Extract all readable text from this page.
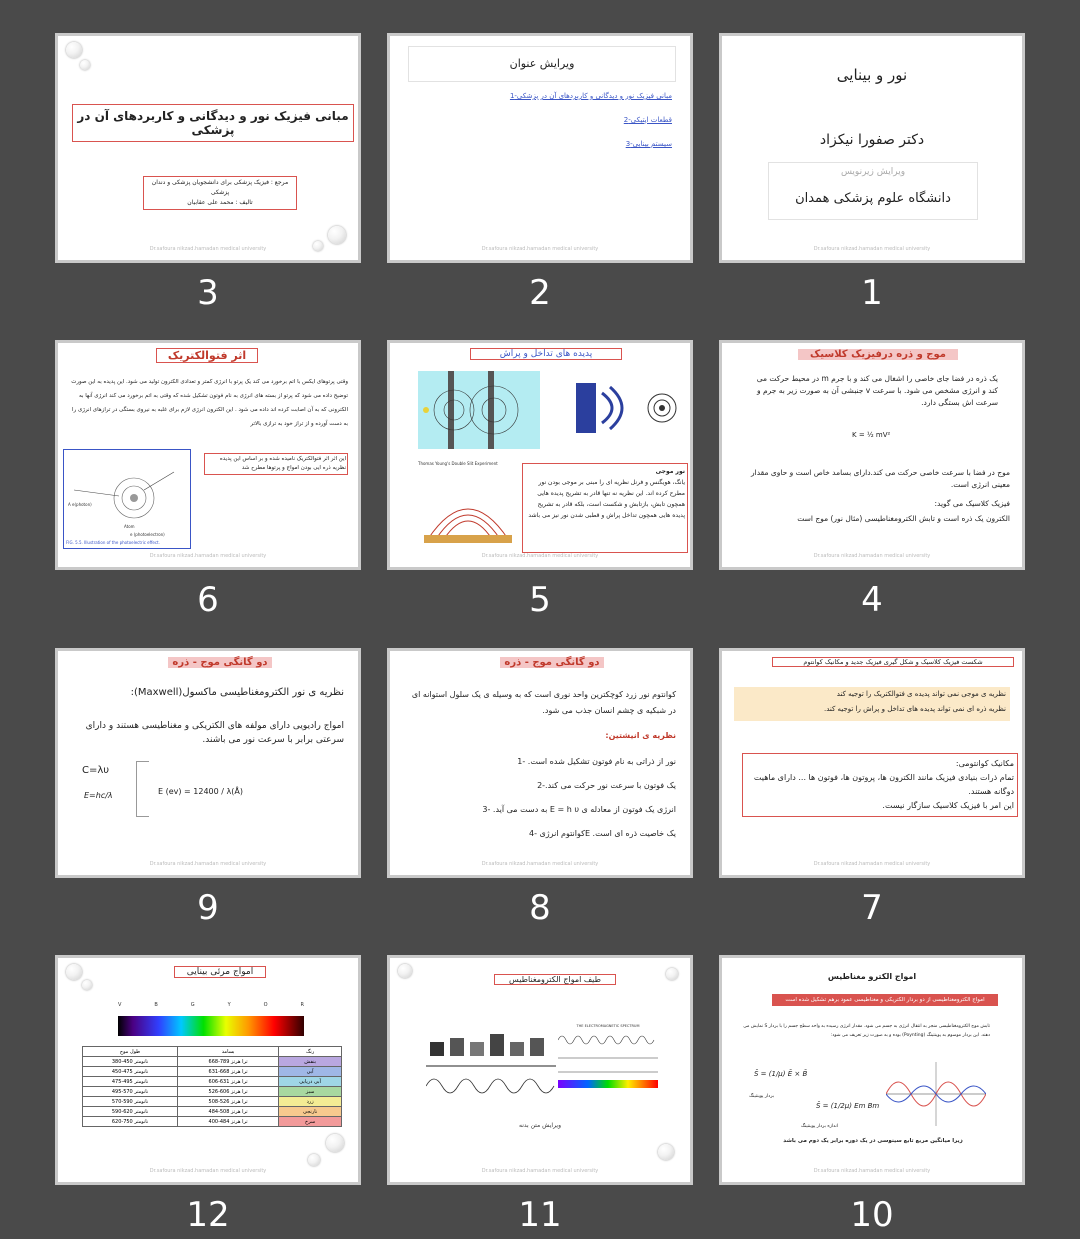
مبانی فیزیک نور و دیدگانی و کاربردهای آن در پزشکی
مرجع : فیزیک پزشکی برای دانشجویان پزشکی و دندان پزشکی
تالیف : محمد علی عقابیان
Dr.safoura nikzad.hamadan medical university
3
ویرایش عنوان
مبانی فیزیک نور و دیدگانی و کاربردهای آن در پزشکی-1
قطعات اپتیکی-2
سیستم بینایی-3
Dr.safoura nikzad.hamadan medical university
2
نور و بینایی
دکتر صفورا نیکزاد
ویرایش زیرنویس
دانشگاه علوم پزشکی همدان
Dr.safoura nikzad.hamadan medical university
1
اثر فتوالکتریک
وقتی پرتوهای ایکس با اتم برخورد می کند یک پرتو با انرژی کمتر و تعدادی الکترون تولید می شود. این پدیده به این صورت توضیح داده می شود که پرتو از بسته های انرژی به نام فوتون تشکیل شده که وقتی به اتم برخورد می کند انرژی آنها به الکترونی که به آن اصابت کرده اند داده می شود . این الکترون انرژی لازم برای غلبه به نیروی بستگی در ترازهای انرژی را به دست آورده و از تراز خود به ترازی بالاتر
A e(photon)
Atom
e (photoelectron)
FIG. 5.5. Illustration of the photoelectric effect.
این اثر اثر فتوالکتریک نامیده شده و بر اساس این پدیده نظریه ذره ایی بودن امواج و پرتوها مطرح شد
Dr.safoura nikzad.hamadan medical university
6
پدیده های تداخل و پراش
Thomas Young's Double Slit Experiment
نور موجی
یانگ، هویگنس و فرنل نظریه ای را مبنی بر موجی بودن نور مطرح کرده اند. این نظریه نه تنها قادر به تشریح پدیده هایی همچون تابش، بازتابش و شکست است، بلکه قادر به تشریح پدیده هایی همچون تداخل پراش و قطبی شدن نور نیز می باشد
Dr.safoura nikzad.hamadan medical university
5
موج و ذره درفیزیک کلاسیک
یک ذره در فضا جای خاصی را اشغال می کند و با جرم m در محیط حرکت می کند و انرژی مشخص می شود. با سرعت v جنبشی آن به صورت زیر به جرم و سرعت اش بستگی دارد.
K = ½ mV²
موج در فضا با سرعت خاصی حرکت می کند.دارای بسامد خاص است و حاوی مقدار معینی انرژی است.
فیزیک کلاسیک می گوید:
الکترون یک ذره است و تابش الکترومغناطیسی (مثال نور) موج است
Dr.safoura nikzad.hamadan medical university
4
دو گانگی موج - ذره
نظریه ی نور الکترومغناطیسی ماکسول(Maxwell):
امواج رادیویی دارای مولفه های الکتریکی و مغناطیسی هستند و دارای سرعتی برابر با سرعت نور می باشند.
C=λυ
E=hc/λ	E (ev) = 12400 / λ(Å)
Dr.safoura nikzad.hamadan medical university
9
دو گانگی موج - ذره
کوانتوم نور زرد کوچکترین واحد نوری است که به وسیله ی یک سلول استوانه ای در شبکیه ی چشم انسان جذب می شود.
نظریه ی انیشتین:
نور از ذراتی به نام فوتون تشکیل شده است. -1
یک فوتون با سرعت نور حرکت می کند.-2
انرژی یک فوتون از معادله ی E = h υ به دست می آید. -3
یک خاصیت ذره ای است. Eکوانتوم انرژی -4
Dr.safoura nikzad.hamadan medical university
8
شکست فیزیک کلاسیک و شکل گیری فیزیک جدید و مکانیک کوانتوم
نظریه ی موجی نمی تواند پدیده ی فتوالکتریک را توجیه کند
نظریه ذره ای نمی تواند پدیده های تداخل و پراش را توجیه کند.
مکانیک کوانتومی:
تمام ذرات بنیادی فیزیک مانند الکترون ها، پروتون ها، فوتون ها ... دارای ماهیت دوگانه هستند.
این امر با فیزیک کلاسیک سازگار نیست.
Dr.safoura nikzad.hamadan medical university
7
امواج مرئی بینایی
V	B	G	Y	O	R
رنگ	بسامد	طول موج
بنفش	ترا هرتز 789-668	نانومتر 450-380
آبی	ترا هرتز 668-631	نانومتر 475-450
آبی دریایی	ترا هرتز 631-606	نانومتر 495-475
سبز	ترا هرتز 606-526	نانومتر 570-495
زرد	ترا هرتز 526-508	نانومتر 590-570
نارنجی	ترا هرتز 508-484	نانومتر 620-590
سرخ	ترا هرتز 484-400	نانومتر 750-620
Dr.safoura nikzad.hamadan medical university
12
طیف امواج الکترومغناطیس
THE ELECTROMAGNETIC SPECTRUM
ویرایش متن بدنه
Dr.safoura nikzad.hamadan medical university
11
امواج الکترو مغناطیس
امواج الکترومغناطیسی از دو بردار الکتریکی و مغناطیسی عمود برهم تشکیل شده است
تابش موج الکترومغناطیسی منجر به انتقال انرژی به جسم می شود. مقدار انرژی رسیده به واحد سطح جسم را با بردار S نمایش می دهند. این بردار موسوم به پوینتینگ (Poynting) بوده و به صورت زیر تعریف می شود:
S̄ = (1/μ) Ē × B̄
بردار پوینتینگ
S̄ = (1/2μ) Em Bm
اندازه بردار پوینتینگ
زیرا میانگین مربع تابع سینوسی در یک دوره برابر یک دوم می باشد
Dr.safoura nikzad.hamadan medical university
10
